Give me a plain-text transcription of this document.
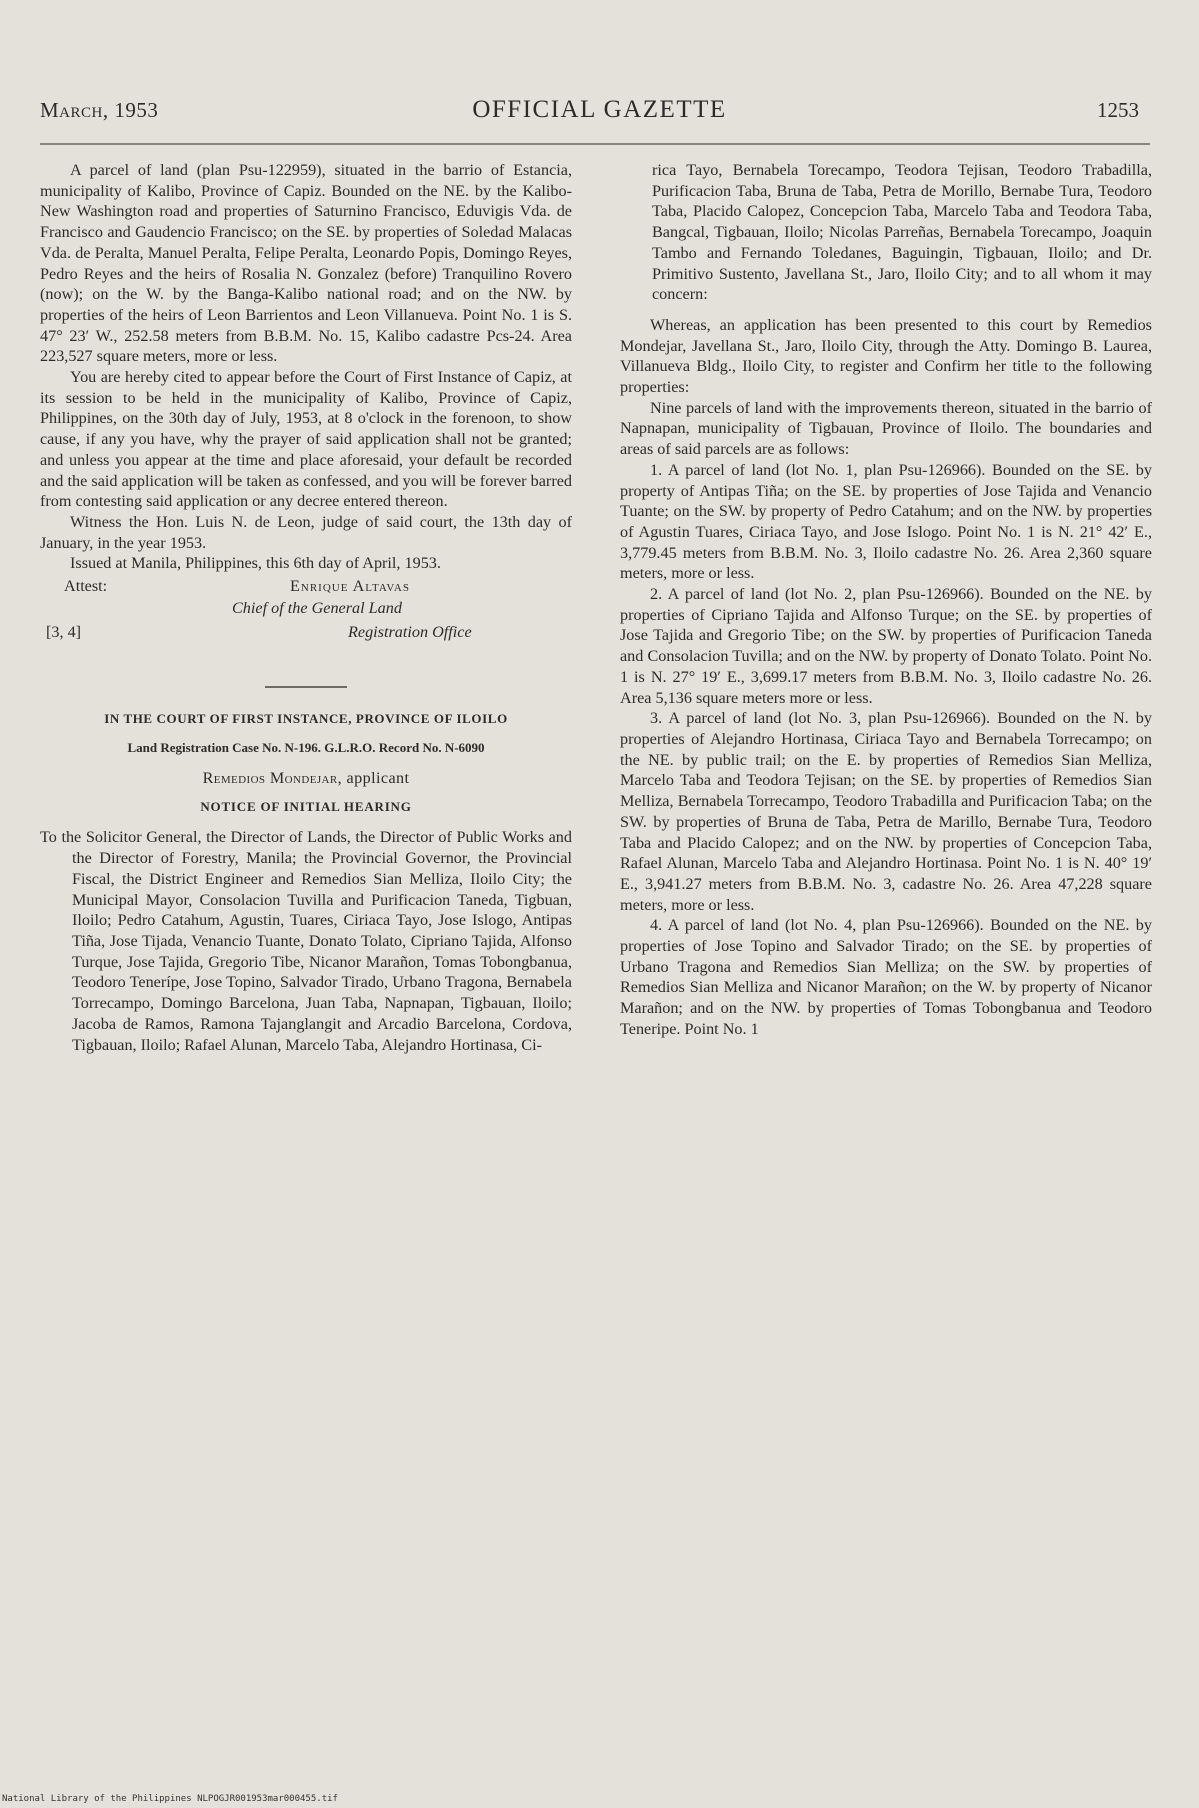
March, 1953	OFFICIAL GAZETTE	1253

A parcel of land (plan Psu-122959), situated in the barrio of Estancia, municipality of Kalibo, Province of Capiz. Bounded on the NE. by the Kalibo-New Washington road and properties of Saturnino Francisco, Eduvigis Vda. de Francisco and Gaudencio Francisco; on the SE. by properties of Soledad Malacas Vda. de Peralta, Manuel Peralta, Felipe Peralta, Leonardo Popis, Domingo Reyes, Pedro Reyes and the heirs of Rosalia N. Gonzalez (before) Tranquilino Rovero (now); on the W. by the Banga-Kalibo national road; and on the NW. by properties of the heirs of Leon Barrientos and Leon Villanueva. Point No. 1 is S. 47° 23′ W., 252.58 meters from B.B.M. No. 15, Kalibo cadastre Pcs-24. Area 223,527 square meters, more or less.

You are hereby cited to appear before the Court of First Instance of Capiz, at its session to be held in the municipality of Kalibo, Province of Capiz, Philippines, on the 30th day of July, 1953, at 8 o'clock in the forenoon, to show cause, if any you have, why the prayer of said application shall not be granted; and unless you appear at the time and place aforesaid, your default be recorded and the said application will be taken as confessed, and you will be forever barred from contesting said application or any decree entered thereon.

Witness the Hon. Luis N. de Leon, judge of said court, the 13th day of January, in the year 1953.

Issued at Manila, Philippines, this 6th day of April, 1953.

Attest:	Enrique Altavas
Chief of the General Land
[3, 4]	Registration Office
IN THE COURT OF FIRST INSTANCE, PROVINCE OF ILOILO
Land Registration Case No. N-196. G.L.R.O. Record No. N-6090
Remedios Mondejar, applicant
NOTICE OF INITIAL HEARING

To the Solicitor General, the Director of Lands, the Director of Public Works and the Director of Forestry, Manila; the Provincial Governor, the Provincial Fiscal, the District Engineer and Remedios Sian Melliza, Iloilo City; the Municipal Mayor, Consolacion Tuvilla and Purificacion Taneda, Tigbuan, Iloilo; Pedro Catahum, Agustin, Tuares, Ciriaca Tayo, Jose Islogo, Antipas Tiña, Jose Tijada, Venancio Tuante, Donato Tolato, Cipriano Tajida, Alfonso Turque, Jose Tajida, Gregorio Tibe, Nicanor Marañon, Tomas Tobongbanua, Teodoro Tenerípe, Jose Topino, Salvador Tirado, Urbano Tragona, Bernabela Torrecampo, Domingo Barcelona, Juan Taba, Napnapan, Tigbauan, Iloilo; Jacoba de Ramos, Ramona Tajanglangit and Arcadio Barcelona, Cordova, Tigbauan, Iloilo; Rafael Alunan, Marcelo Taba, Alejandro Hortinasa, Ci-

rica Tayo, Bernabela Torecampo, Teodora Tejisan, Teodoro Trabadilla, Purificacion Taba, Bruna de Taba, Petra de Morillo, Bernabe Tura, Teodoro Taba, Placido Calopez, Concepcion Taba, Marcelo Taba and Teodora Taba, Bangcal, Tigbauan, Iloilo; Nicolas Parreñas, Bernabela Torecampo, Joaquin Tambo and Fernando Toledanes, Baguingin, Tigbauan, Iloilo; and Dr. Primitivo Sustento, Javellana St., Jaro, Iloilo City; and to all whom it may concern:

Whereas, an application has been presented to this court by Remedios Mondejar, Javellana St., Jaro, Iloilo City, through the Atty. Domingo B. Laurea, Villanueva Bldg., Iloilo City, to register and Confirm her title to the following properties:

Nine parcels of land with the improvements thereon, situated in the barrio of Napnapan, municipality of Tigbauan, Province of Iloilo. The boundaries and areas of said parcels are as follows:

1. A parcel of land (lot No. 1, plan Psu-126966). Bounded on the SE. by property of Antipas Tiña; on the SE. by properties of Jose Tajida and Venancio Tuante; on the SW. by property of Pedro Catahum; and on the NW. by properties of Agustin Tuares, Ciriaca Tayo, and Jose Islogo. Point No. 1 is N. 21° 42′ E., 3,779.45 meters from B.B.M. No. 3, Iloilo cadastre No. 26. Area 2,360 square meters, more or less.

2. A parcel of land (lot No. 2, plan Psu-126966). Bounded on the NE. by properties of Cipriano Tajida and Alfonso Turque; on the SE. by properties of Jose Tajida and Gregorio Tibe; on the SW. by properties of Purificacion Taneda and Consolacion Tuvilla; and on the NW. by property of Donato Tolato. Point No. 1 is N. 27° 19′ E., 3,699.17 meters from B.B.M. No. 3, Iloilo cadastre No. 26. Area 5,136 square meters more or less.

3. A parcel of land (lot No. 3, plan Psu-126966). Bounded on the N. by properties of Alejandro Hortinasa, Ciriaca Tayo and Bernabela Torrecampo; on the NE. by public trail; on the E. by properties of Remedios Sian Melliza, Marcelo Taba and Teodora Tejisan; on the SE. by properties of Remedios Sian Melliza, Bernabela Torrecampo, Teodoro Trabadilla and Purificacion Taba; on the SW. by properties of Bruna de Taba, Petra de Marillo, Bernabe Tura, Teodoro Taba and Placido Calopez; and on the NW. by properties of Concepcion Taba, Rafael Alunan, Marcelo Taba and Alejandro Hortinasa. Point No. 1 is N. 40° 19′ E., 3,941.27 meters from B.B.M. No. 3, cadastre No. 26. Area 47,228 square meters, more or less.

4. A parcel of land (lot No. 4, plan Psu-126966). Bounded on the NE. by properties of Jose Topino and Salvador Tirado; on the SE. by properties of Urbano Tragona and Remedios Sian Melliza; on the SW. by properties of Remedios Sian Melliza and Nicanor Marañon; on the W. by property of Nicanor Marañon; and on the NW. by properties of Tomas Tobongbanua and Teodoro Teneripe. Point No. 1

National Library of the Philippines NLPOGJR001953mar000455.tif
